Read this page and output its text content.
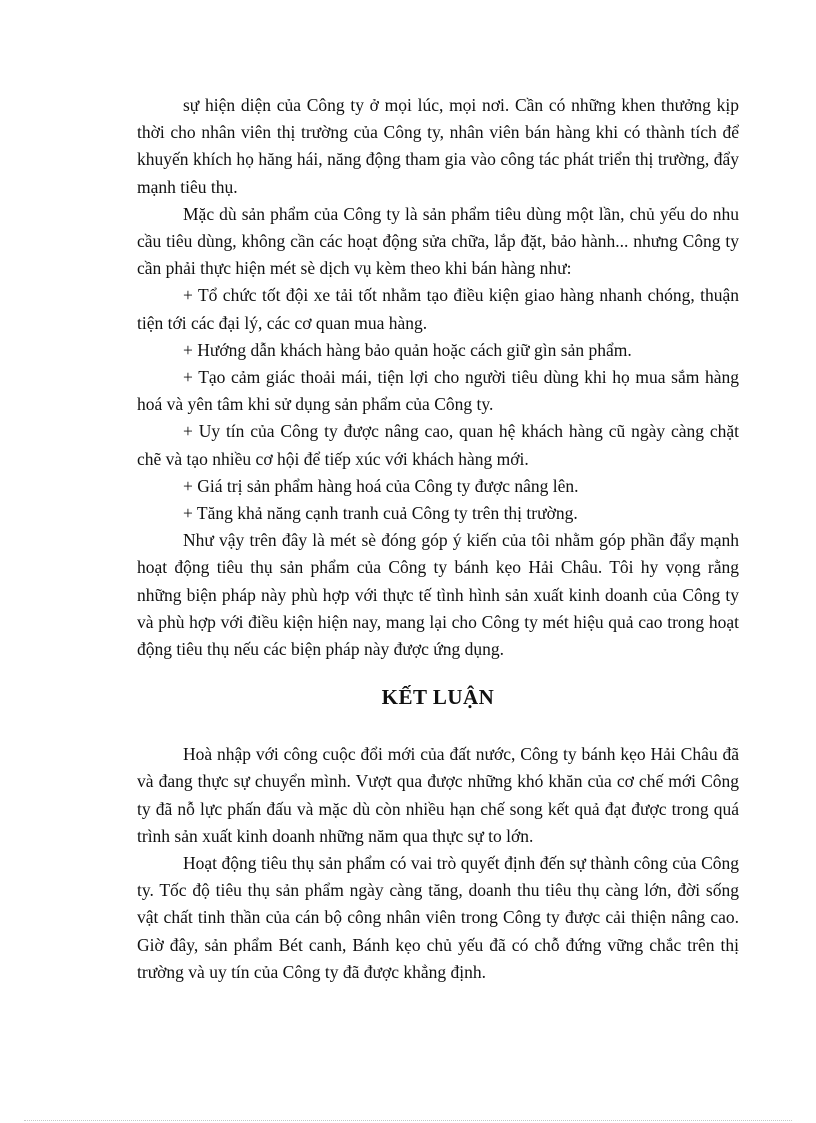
sự hiện diện của Công ty ở mọi lúc, mọi nơi. Cần có những khen thưởng kịp thời cho nhân viên thị trường của Công ty, nhân viên bán hàng khi có thành tích để khuyến khích họ hăng hái, năng động tham gia vào công tác phát triển thị trường, đẩy mạnh tiêu thụ.

Mặc dù sản phẩm của Công ty là sản phẩm tiêu dùng một lần, chủ yếu do nhu cầu tiêu dùng, không cần các hoạt động sửa chữa, lắp đặt, bảo hành... nhưng Công ty cần phải thực hiện mét sè dịch vụ kèm theo khi bán hàng như:

+ Tổ chức tốt đội xe tải tốt nhằm tạo điều kiện giao hàng nhanh chóng, thuận tiện tới các đại lý, các cơ quan mua hàng.

+ Hướng dẫn khách hàng bảo quản hoặc cách giữ gìn sản phẩm.

+ Tạo cảm giác thoải mái, tiện lợi cho người tiêu dùng khi họ mua sắm hàng hoá và yên tâm khi sử dụng sản phẩm của Công ty.

+ Uy tín của Công ty được nâng cao, quan hệ khách hàng cũ ngày càng chặt chẽ và tạo nhiều cơ hội để tiếp xúc với khách hàng mới.

+ Giá trị sản phẩm hàng hoá của Công ty được nâng lên.

+ Tăng khả năng cạnh tranh cuả Công ty trên thị trường.

Như vậy trên đây là mét sè đóng góp ý kiến của tôi nhằm góp phần đẩy mạnh hoạt động tiêu thụ sản phẩm của Công ty bánh kẹo Hải Châu. Tôi hy vọng rằng những biện pháp này phù hợp với thực tế tình hình sản xuất kinh doanh của Công ty và phù hợp với điều kiện hiện nay, mang lại cho Công ty mét hiệu quả cao trong hoạt động tiêu thụ nếu các biện pháp này được ứng dụng.

KẾT LUẬN

Hoà nhập với công cuộc đổi mới của đất nước, Công ty bánh kẹo Hải Châu đã và đang thực sự chuyển mình. Vượt qua được những khó khăn của cơ chế mới Công ty đã nỗ lực phấn đấu và mặc dù còn nhiều hạn chế song kết quả đạt được trong quá trình sản xuất kinh doanh những năm qua thực sự to lớn.

Hoạt động tiêu thụ sản phẩm có vai trò quyết định đến sự thành công của Công ty. Tốc độ tiêu thụ sản phẩm ngày càng tăng, doanh thu tiêu thụ càng lớn, đời sống vật chất tinh thần của cán bộ công nhân viên trong Công ty được cải thiện nâng cao. Giờ đây, sản phẩm Bét canh, Bánh kẹo chủ yếu đã có chỗ đứng vững chắc trên thị trường và uy tín của Công ty đã được khẳng định.
